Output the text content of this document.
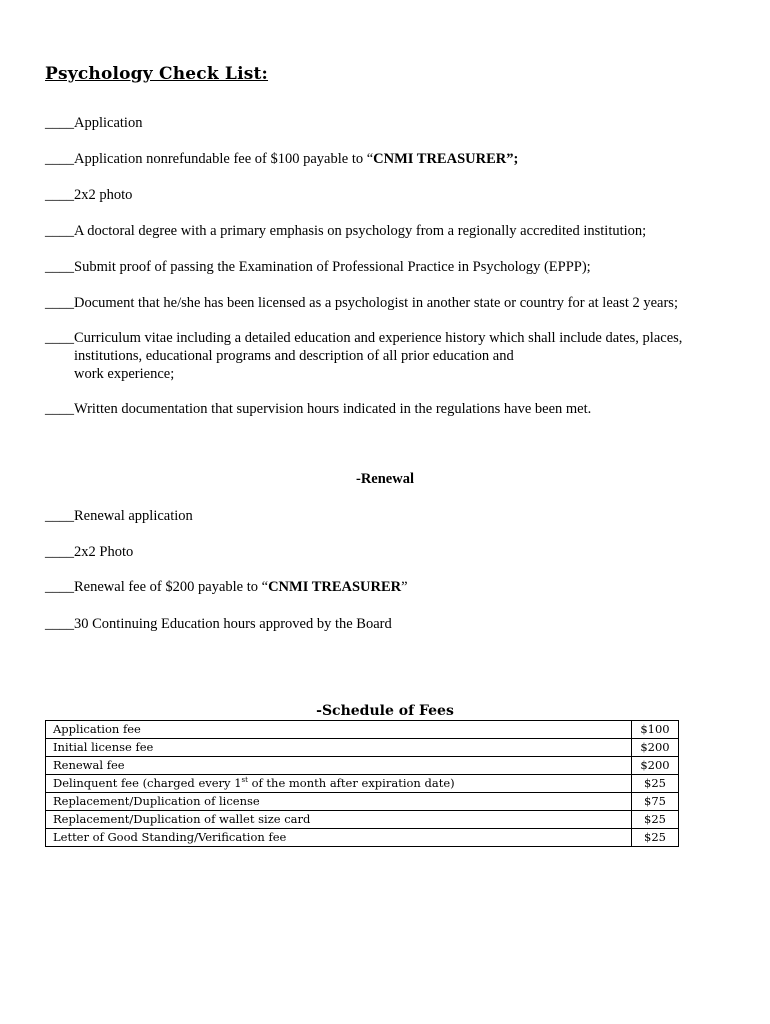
Psychology Check List:
____Application
____Application nonrefundable fee of $100 payable to “CNMI TREASURER”;
____2x2 photo
____A doctoral degree with a primary emphasis on psychology from a regionally accredited institution;
____Submit proof of passing the Examination of Professional Practice in Psychology (EPPP);
____Document that he/she has been licensed as a psychologist in another state or country for at least 2 years;
____Curriculum vitae including a detailed education and experience history which shall include dates, places,
institutions, educational programs and description of all prior education and
work experience;
____Written documentation that supervision hours indicated in the regulations have been met.
-Renewal
____Renewal application
____2x2 Photo
____Renewal fee of $200 payable to “CNMI TREASURER”
____30 Continuing Education hours approved by the Board
-Schedule of Fees
Application fee	$100
Initial license fee	$200
Renewal fee	$200
Delinquent fee (charged every 1st of the month after expiration date)	$25
Replacement/Duplication of license	$75
Replacement/Duplication of wallet size card	$25
Letter of Good Standing/Verification fee	$25
